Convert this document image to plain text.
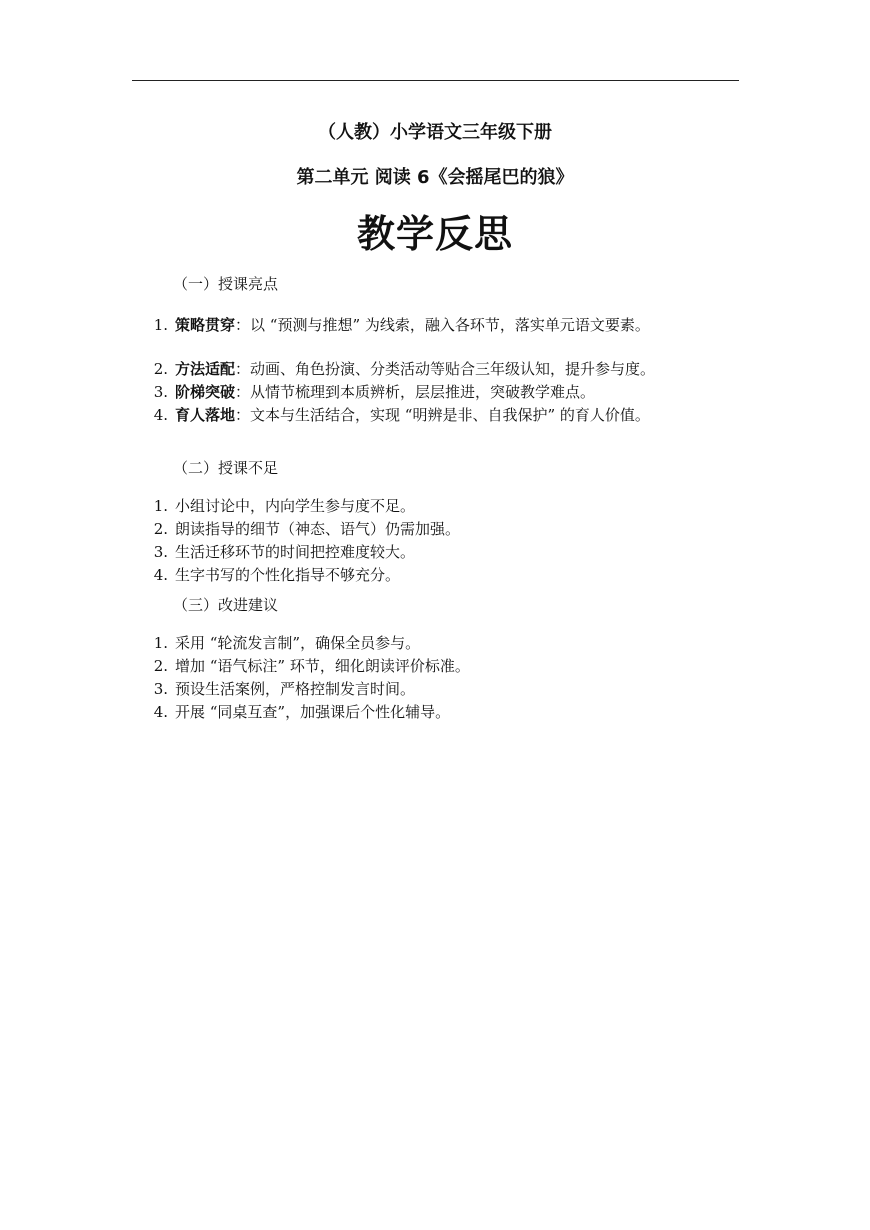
（人教）小学语文三年级下册
第二单元 阅读 6《会摇尾巴的狼》
教学反思
（一）授课亮点
1. 策略贯穿：以 “预测与推想” 为线索，融入各环节，落实单元语文要素。
2. 方法适配：动画、角色扮演、分类活动等贴合三年级认知，提升参与度。
3. 阶梯突破：从情节梳理到本质辨析，层层推进，突破教学难点。
4. 育人落地：文本与生活结合，实现 “明辨是非、自我保护” 的育人价值。
（二）授课不足
1. 小组讨论中，内向学生参与度不足。
2. 朗读指导的细节（神态、语气）仍需加强。
3. 生活迁移环节的时间把控难度较大。
4. 生字书写的个性化指导不够充分。
（三）改进建议
1. 采用 “轮流发言制”，确保全员参与。
2. 增加 “语气标注” 环节，细化朗读评价标准。
3. 预设生活案例，严格控制发言时间。
4. 开展 “同桌互查”，加强课后个性化辅导。
